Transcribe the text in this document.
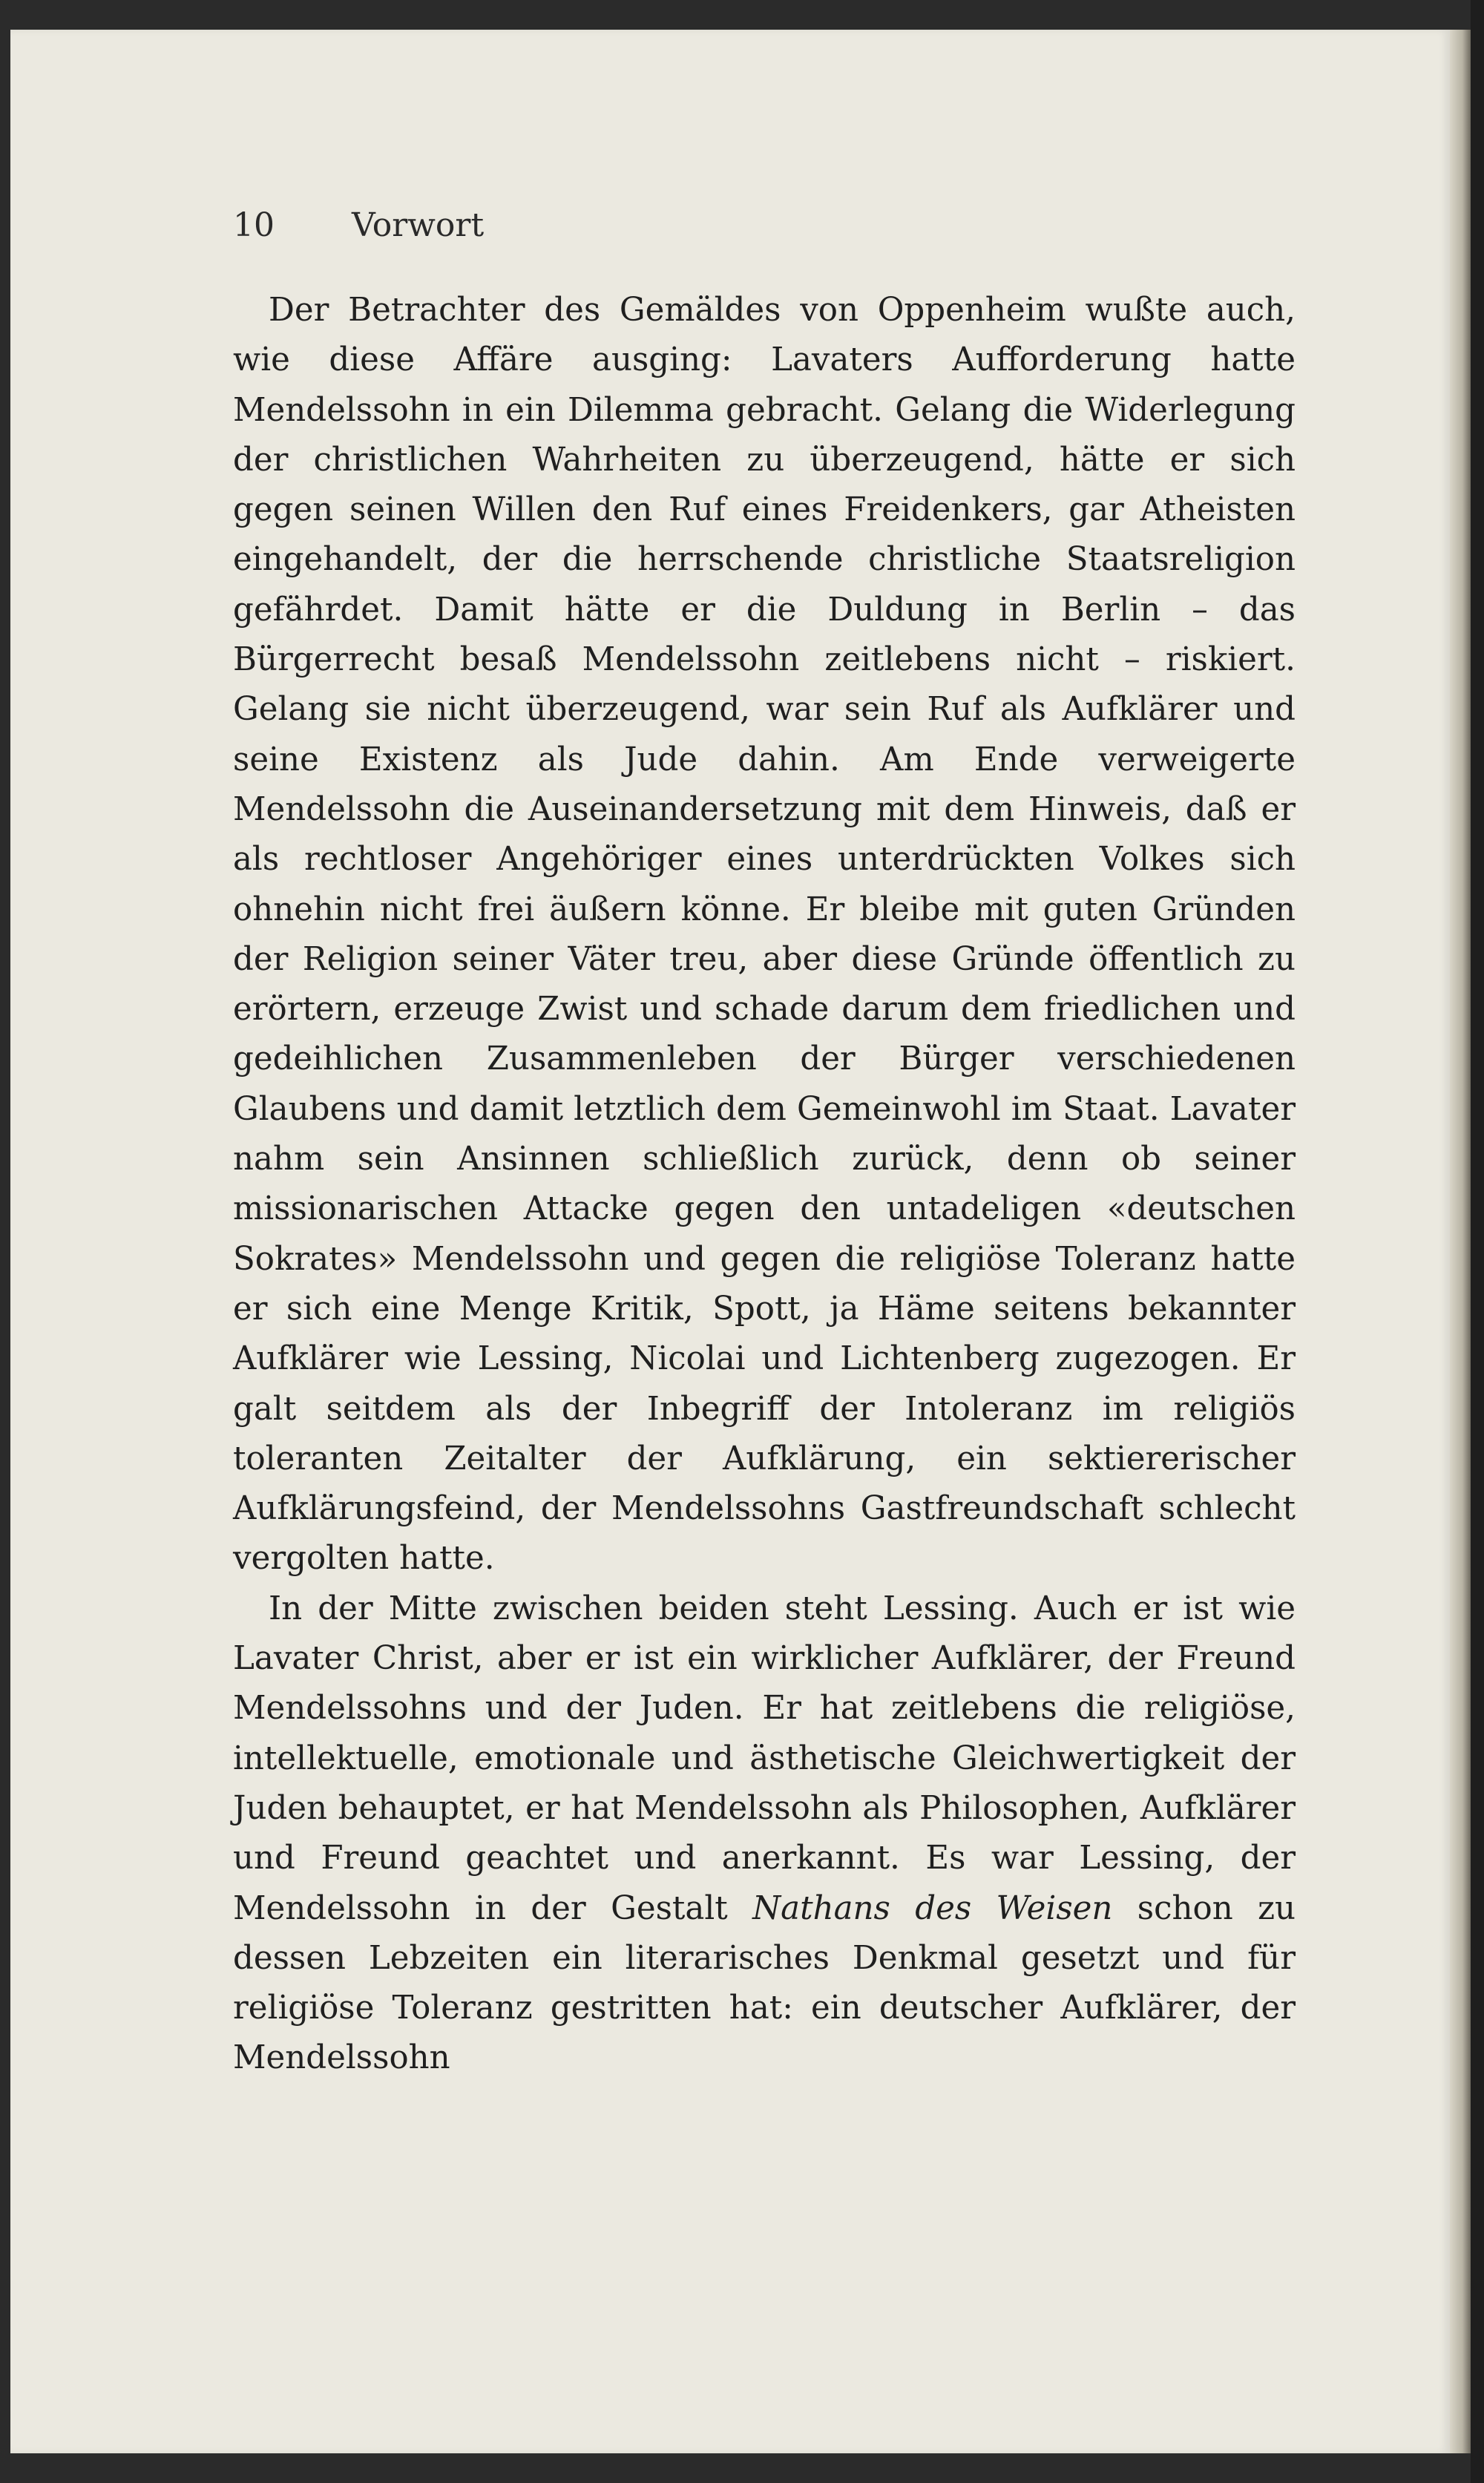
10 Vorwort

Der Betrachter des Gemäldes von Oppenheim wußte auch, wie diese Affäre ausging: Lavaters Aufforderung hatte Mendelssohn in ein Dilemma gebracht. Gelang die Widerlegung der christlichen Wahrheiten zu überzeugend, hätte er sich gegen seinen Willen den Ruf eines Freidenkers, gar Atheisten eingehandelt, der die herrschende christliche Staatsreligion gefährdet. Damit hätte er die Duldung in Berlin – das Bürgerrecht besaß Mendelssohn zeitlebens nicht – riskiert. Gelang sie nicht überzeugend, war sein Ruf als Aufklärer und seine Existenz als Jude dahin. Am Ende verweigerte Mendelssohn die Auseinandersetzung mit dem Hinweis, daß er als rechtloser Angehöriger eines unterdrückten Volkes sich ohnehin nicht frei äußern könne. Er bleibe mit guten Gründen der Religion seiner Väter treu, aber diese Gründe öffentlich zu erörtern, erzeuge Zwist und schade darum dem friedlichen und gedeihlichen Zusammenleben der Bürger verschiedenen Glaubens und damit letztlich dem Gemeinwohl im Staat. Lavater nahm sein Ansinnen schließlich zurück, denn ob seiner missionarischen Attacke gegen den untadeligen «deutschen Sokrates» Mendelssohn und gegen die religiöse Toleranz hatte er sich eine Menge Kritik, Spott, ja Häme seitens bekannter Aufklärer wie Lessing, Nicolai und Lichtenberg zugezogen. Er galt seitdem als der Inbegriff der Intoleranz im religiös toleranten Zeitalter der Aufklärung, ein sektiererischer Aufklärungsfeind, der Mendelssohns Gastfreundschaft schlecht vergolten hatte.

In der Mitte zwischen beiden steht Lessing. Auch er ist wie Lavater Christ, aber er ist ein wirklicher Aufklärer, der Freund Mendelssohns und der Juden. Er hat zeitlebens die religiöse, intellektuelle, emotionale und ästhetische Gleichwertigkeit der Juden behauptet, er hat Mendelssohn als Philosophen, Aufklärer und Freund geachtet und anerkannt. Es war Lessing, der Mendelssohn in der Gestalt Nathans des Weisen schon zu dessen Lebzeiten ein literarisches Denkmal gesetzt und für religiöse Toleranz gestritten hat: ein deutscher Aufklärer, der Mendelssohn
